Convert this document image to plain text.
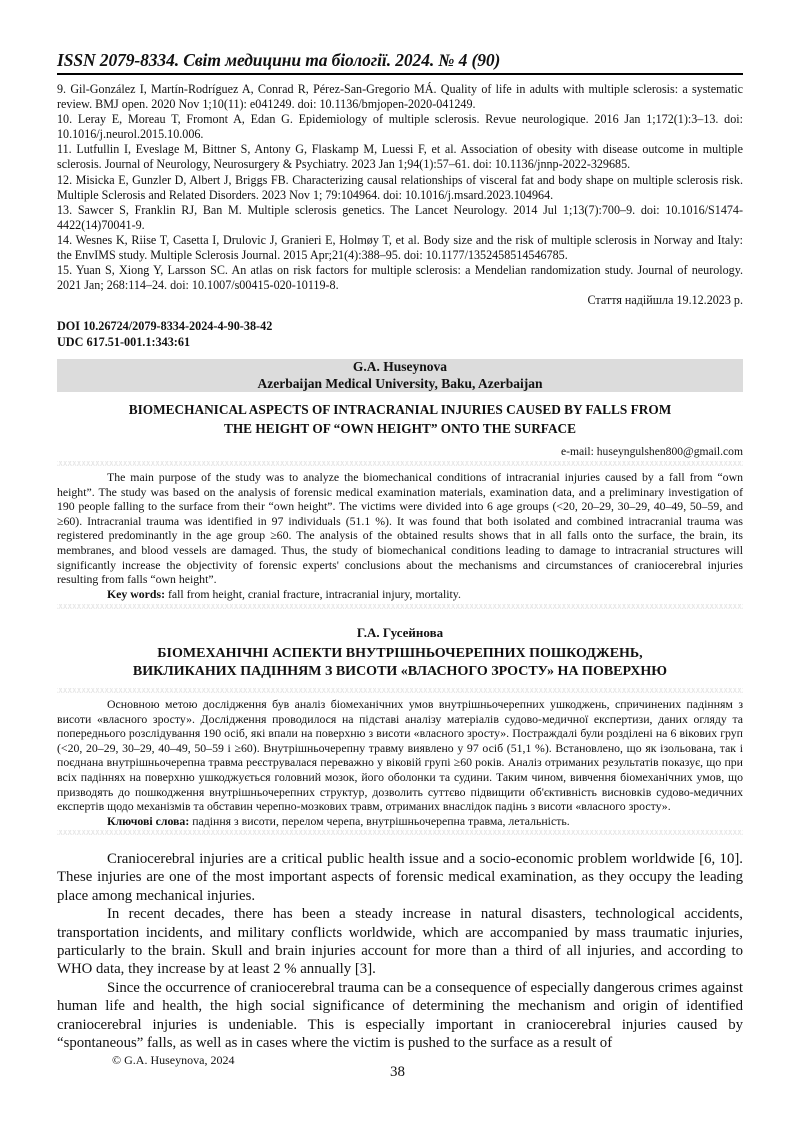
ISSN 2079-8334. Світ медицини та біології. 2024. № 4 (90)

9. Gil-González I, Martín-Rodríguez A, Conrad R, Pérez-San-Gregorio MÁ. Quality of life in adults with multiple sclerosis: a systematic review. BMJ open. 2020 Nov 1;10(11): e041249. doi: 10.1136/bmjopen-2020-041249.

10. Leray E, Moreau T, Fromont A, Edan G. Epidemiology of multiple sclerosis. Revue neurologique. 2016 Jan 1;172(1):3–13. doi: 10.1016/j.neurol.2015.10.006.

11. Lutfullin I, Eveslage M, Bittner S, Antony G, Flaskamp M, Luessi F, et al. Association of obesity with disease outcome in multiple sclerosis. Journal of Neurology, Neurosurgery & Psychiatry. 2023 Jan 1;94(1):57–61. doi: 10.1136/jnnp-2022-329685.

12. Misicka E, Gunzler D, Albert J, Briggs FB. Characterizing causal relationships of visceral fat and body shape on multiple sclerosis risk. Multiple Sclerosis and Related Disorders. 2023 Nov 1; 79:104964. doi: 10.1016/j.msard.2023.104964.

13. Sawcer S, Franklin RJ, Ban M. Multiple sclerosis genetics. The Lancet Neurology. 2014 Jul 1;13(7):700–9. doi: 10.1016/S1474-4422(14)70041-9.

14. Wesnes K, Riise T, Casetta I, Drulovic J, Granieri E, Holmøy T, et al. Body size and the risk of multiple sclerosis in Norway and Italy: the EnvIMS study. Multiple Sclerosis Journal. 2015 Apr;21(4):388–95. doi: 10.1177/1352458514546785.

15. Yuan S, Xiong Y, Larsson SC. An atlas on risk factors for multiple sclerosis: a Mendelian randomization study. Journal of neurology. 2021 Jan; 268:114–24. doi: 10.1007/s00415-020-10119-8.

Стаття надійшла 19.12.2023 р.

DOI 10.26724/2079-8334-2024-4-90-38-42
UDC 617.51-001.1:343:61
G.A. Huseynova
Azerbaijan Medical University, Baku, Azerbaijan
BIOMECHANICAL ASPECTS OF INTRACRANIAL INJURIES CAUSED BY FALLS FROM
THE HEIGHT OF “OWN HEIGHT” ONTO THE SURFACE
e-mail: huseyngulshen800@gmail.com

The main purpose of the study was to analyze the biomechanical conditions of intracranial injuries caused by a fall from “own height”. The study was based on the analysis of forensic medical examination materials, examination data, and a preliminary investigation of 190 people falling to the surface from their “own height”. The victims were divided into 6 age groups (<20, 20–29, 30–29, 40–49, 50–59, and ≥60). Intracranial trauma was identified in 97 individuals (51.1 %). It was found that both isolated and combined intracranial trauma was registered predominantly in the age group ≥60. The analysis of the obtained results shows that in all falls onto the surface, the brain, its membranes, and blood vessels are damaged. Thus, the study of biomechanical conditions leading to damage to intracranial structures will significantly increase the objectivity of forensic experts' conclusions about the mechanisms and circumstances of craniocerebral injuries resulting from falls “own height”.

Key words: fall from height, cranial fracture, intracranial injury, mortality.

Г.А. Гусейнова
БІОМЕХАНІЧНІ АСПЕКТИ ВНУТРІШНЬОЧЕРЕПНИХ ПОШКОДЖЕНЬ,
ВИКЛИКАНИХ ПАДІННЯМ З ВИСОТИ «ВЛАСНОГО ЗРОСТУ» НА ПОВЕРХНЮ

Основною метою дослідження був аналіз біомеханічних умов внутрішньочерепних ушкоджень, спричинених падінням з висоти «власного зросту». Дослідження проводилося на підставі аналізу матеріалів судово-медичної експертизи, даних огляду та попереднього розслідування 190 осіб, які впали на поверхню з висоти «власного зросту». Постраждалі були розділені на 6 вікових груп (<20, 20–29, 30–29, 40–49, 50–59 і ≥60). Внутрішньочерепну травму виявлено у 97 осіб (51,1 %). Встановлено, що як ізольована, так і поєднана внутрішньочерепна травма реєструвалася переважно у віковій групі ≥60 років. Аналіз отриманих результатів показує, що при всіх падіннях на поверхню ушкоджується головний мозок, його оболонки та судини. Таким чином, вивчення біомеханічних умов, що призводять до пошкодження внутрішньочерепних структур, дозволить суттєво підвищити об'єктивність висновків судово-медичних експертів щодо механізмів та обставин черепно-мозкових травм, отриманих внаслідок падінь з висоти «власного зросту».

Ключові слова: падіння з висоти, перелом черепа, внутрішньочерепна травма, летальність.

Craniocerebral injuries are a critical public health issue and a socio-economic problem worldwide [6, 10]. These injuries are one of the most important aspects of forensic medical examination, as they occupy the leading place among mechanical injuries.

In recent decades, there has been a steady increase in natural disasters, technological accidents, transportation incidents, and military conflicts worldwide, which are accompanied by mass traumatic injuries, particularly to the brain. Skull and brain injuries account for more than a third of all injuries, and according to WHO data, they increase by at least 2 % annually [3].

Since the occurrence of craniocerebral trauma can be a consequence of especially dangerous crimes against human life and health, the high social significance of determining the mechanism and origin of identified craniocerebral injuries is undeniable. This is especially important in craniocerebral injuries caused by “spontaneous” falls, as well as in cases where the victim is pushed to the surface as a result of

© G.A. Huseynova, 2024
38
